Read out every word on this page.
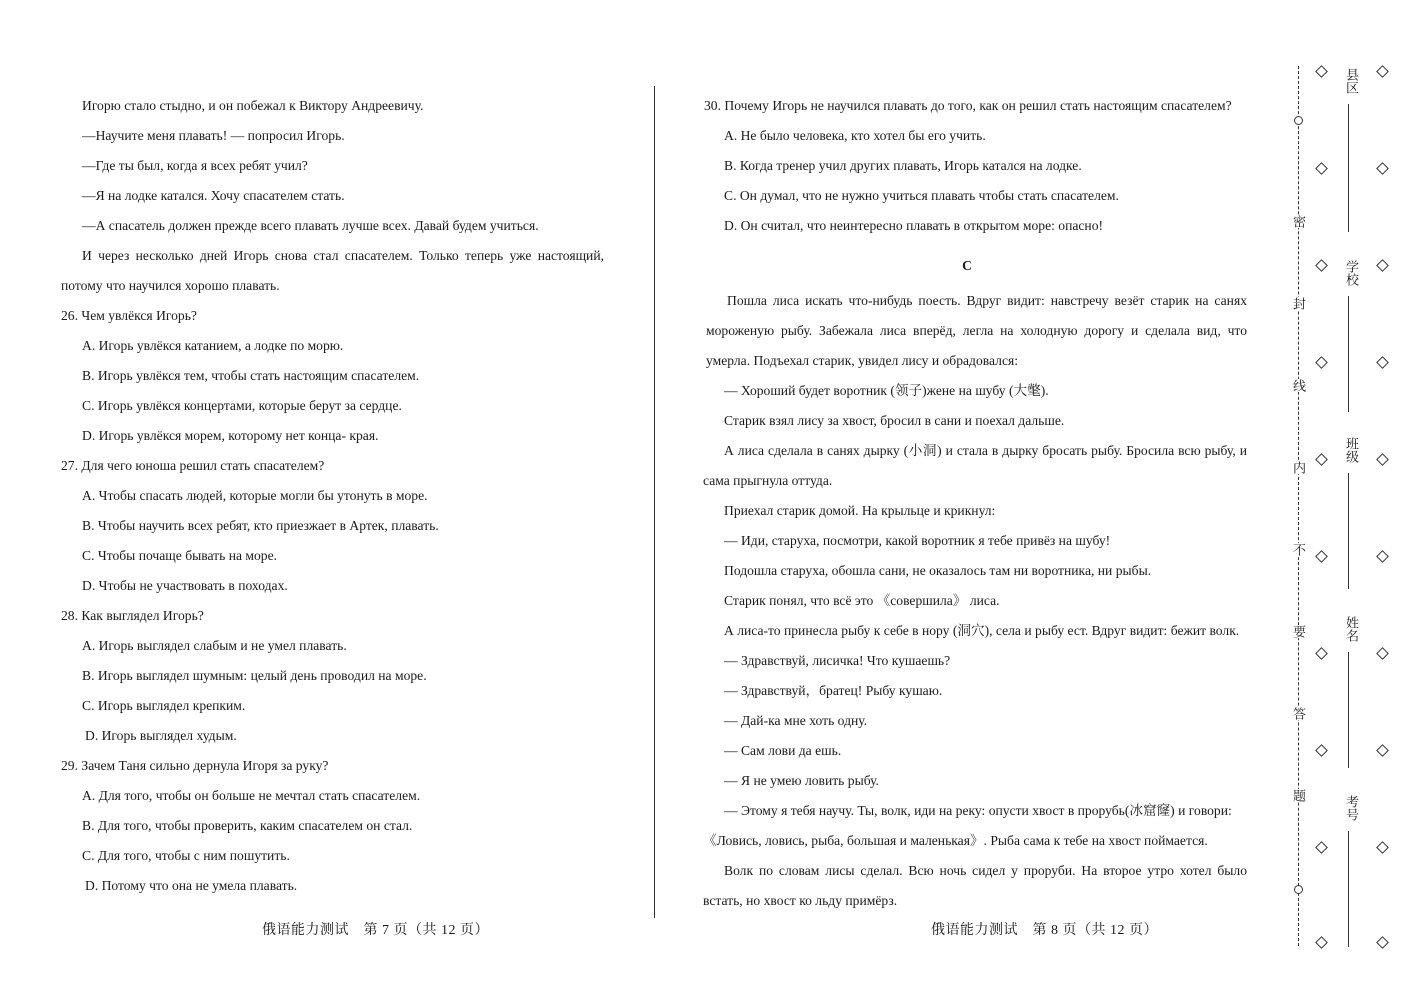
Игорю стало стыдно, и он побежал к Виктору Андреевичу.
—Научите меня плавать! — попросил Игорь.
—Где ты был, когда я всех ребят учил?
—Я на лодке катался. Хочу спасателем стать.
—А спасатель должен прежде всего плавать лучше всех. Давай будем учиться.
И через несколько дней Игорь снова стал спасателем. Только теперь уже настоящий,
потому что научился хорошо плавать.
26. Чем увлёкся Игорь?
A. Игорь увлёкся катанием, а лодке по морю.
B. Игорь увлёкся тем, чтобы стать настоящим спасателем.
C. Игорь увлёкся концертами, которые берут за сердце.
D. Игорь увлёкся морем, которому нет конца- края.
27. Для чего юноша решил стать спасателем?
A. Чтобы спасать людей, которые могли бы утонуть в море.
B. Чтобы научить всех ребят, кто приезжает в Артек, плавать.
C. Чтобы почаще бывать на море.
D. Чтобы не участвовать в походах.
28. Как выглядел Игорь?
A. Игорь выглядел слабым и не умел плавать.
B. Игорь выглядел шумным: целый день проводил на море.
C. Игорь выглядел крепким.
D. Игорь выглядел худым.
29. Зачем Таня сильно дернула Игоря за руку?
A. Для того, чтобы он больше не мечтал стать спасателем.
B. Для того, чтобы проверить, каким спасателем он стал.
C. Для того, чтобы с ним пошутить.
D. Потому что она не умела плавать.
俄语能力测试　第 7 页（共 12 页）
30. Почему Игорь не научился плавать до того, как он решил стать настоящим спасателем?
A. Не было человека, кто хотел бы его учить.
B. Когда тренер учил других плавать, Игорь катался на лодке.
C. Он думал, что не нужно учиться плавать чтобы стать спасателем.
D. Он считал, что неинтересно плавать в открытом море: опасно!
C
Пошла лиса искать что-нибудь поесть. Вдруг видит: навстречу везёт старик на санях
мороженую рыбу. Забежала лиса вперёд, легла на холодную дорогу и сделала вид, что
умерла. Подъехал старик, увидел лису и обрадовался:
— Хороший будет воротник (领子)жене на шубу (大氅).
Старик взял лису за хвост, бросил в сани и поехал дальше.
А лиса сделала в санях дырку (小洞) и стала в дырку бросать рыбу. Бросила всю рыбу, и
сама прыгнула оттуда.
Приехал старик домой. На крыльце и крикнул:
— Иди, старуха, посмотри, какой воротник я тебе привёз на шубу!
Подошла старуха, обошла сани, не оказалось там ни воротника, ни рыбы.
Старик понял, что всё это 《совершила》 лиса.
А лиса-то принесла рыбу к себе в нору (洞穴), села и рыбу ест. Вдруг видит: бежит волк.
— Здравствуй, лисичка! Что кушаешь?
— Здравствуй，братец! Рыбу кушаю.
— Дай-ка мне хоть одну.
— Сам лови да ешь.
— Я не умею ловить рыбу.
— Этому я тебя научу. Ты, волк, иди на реку: опусти хвост в прорубь(冰窟窿) и говори:
《Ловись, ловись, рыба, большая и маленькая》. Рыба сама к тебе на хвост поймается.
Волк по словам лисы сделал. Всю ночь сидел у проруби. На второе утро хотел было
встать, но хвост ко льду примёрз.
俄语能力测试　第 8 页（共 12 页）
密
封
线
内
不
要
答
题
县区
学校
班级
姓名
考号
